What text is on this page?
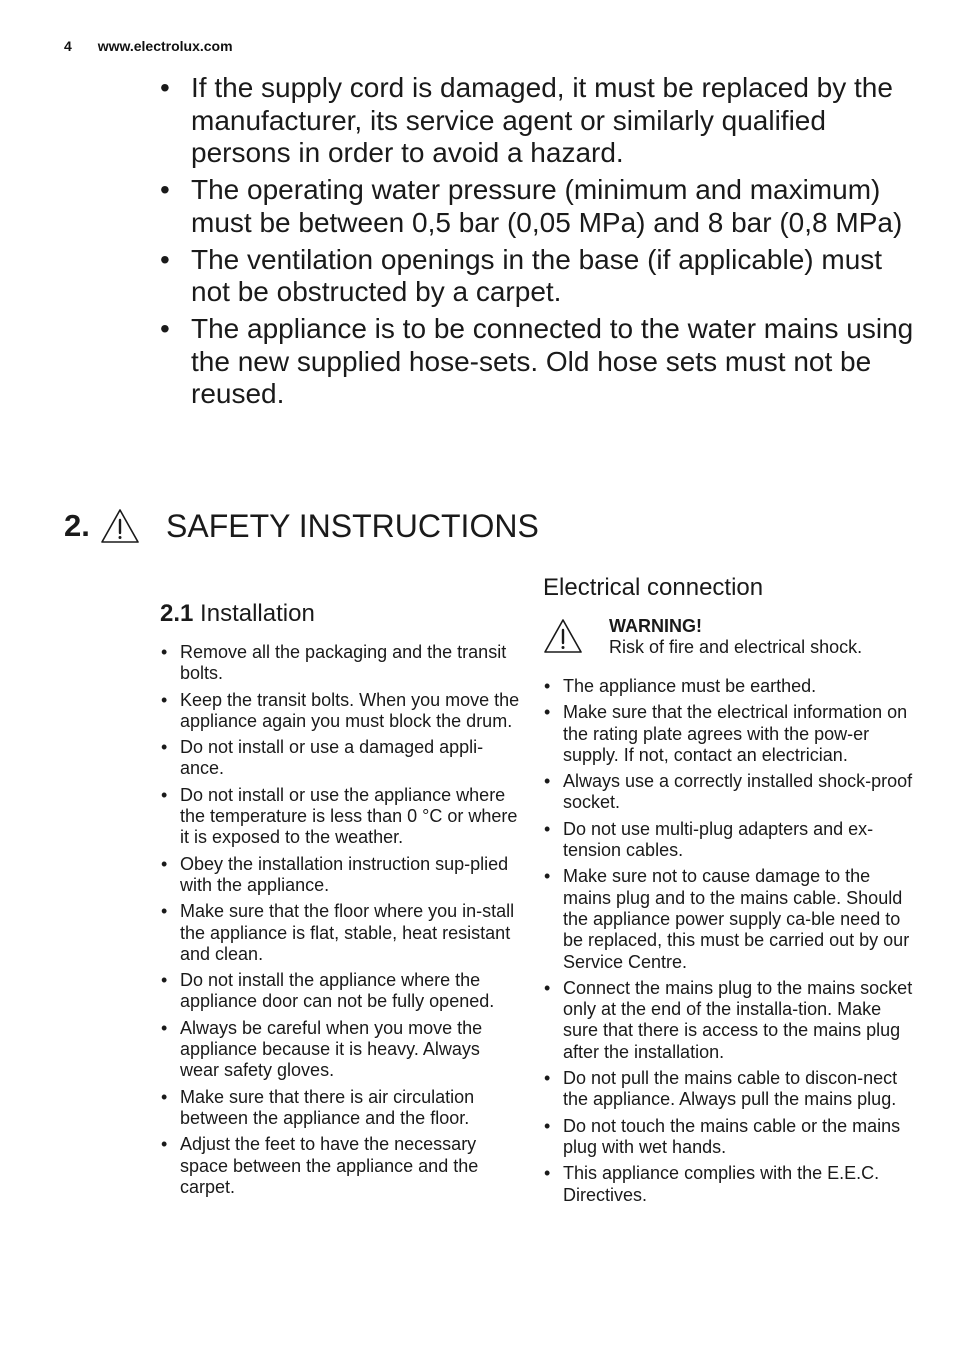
4 www.electrolux.com
• If the supply cord is damaged, it must be replaced by the manufacturer, its service agent or similarly qualified persons in order to avoid a hazard.
• The operating water pressure (minimum and maximum) must be between 0,5 bar (0,05 MPa) and 8 bar (0,8 MPa)
• The ventilation openings in the base (if applicable) must not be obstructed by a carpet.
• The appliance is to be connected to the water mains using the new supplied hose-sets. Old hose sets must not be reused.
2.	SAFETY INSTRUCTIONS
2.1 Installation
• Remove all the packaging and the transit bolts.
• Keep the transit bolts. When you move the appliance again you must block the drum.
• Do not install or use a damaged appli-ance.
• Do not install or use the appliance where the temperature is less than 0 °C or where it is exposed to the weather.
• Obey the installation instruction sup-plied with the appliance.
• Make sure that the floor where you in-stall the appliance is flat, stable, heat resistant and clean.
• Do not install the appliance where the appliance door can not be fully opened.
• Always be careful when you move the appliance because it is heavy. Always wear safety gloves.
• Make sure that there is air circulation between the appliance and the floor.
• Adjust the feet to have the necessary space between the appliance and the carpet.
Electrical connection
WARNING!
Risk of fire and electrical shock.
• The appliance must be earthed.
• Make sure that the electrical information on the rating plate agrees with the pow-er supply. If not, contact an electrician.
• Always use a correctly installed shock-proof socket.
• Do not use multi-plug adapters and ex-tension cables.
• Make sure not to cause damage to the mains plug and to the mains cable. Should the appliance power supply ca-ble need to be replaced, this must be carried out by our Service Centre.
• Connect the mains plug to the mains socket only at the end of the installa-tion. Make sure that there is access to the mains plug after the installation.
• Do not pull the mains cable to discon-nect the appliance. Always pull the mains plug.
• Do not touch the mains cable or the mains plug with wet hands.
• This appliance complies with the E.E.C. Directives.
